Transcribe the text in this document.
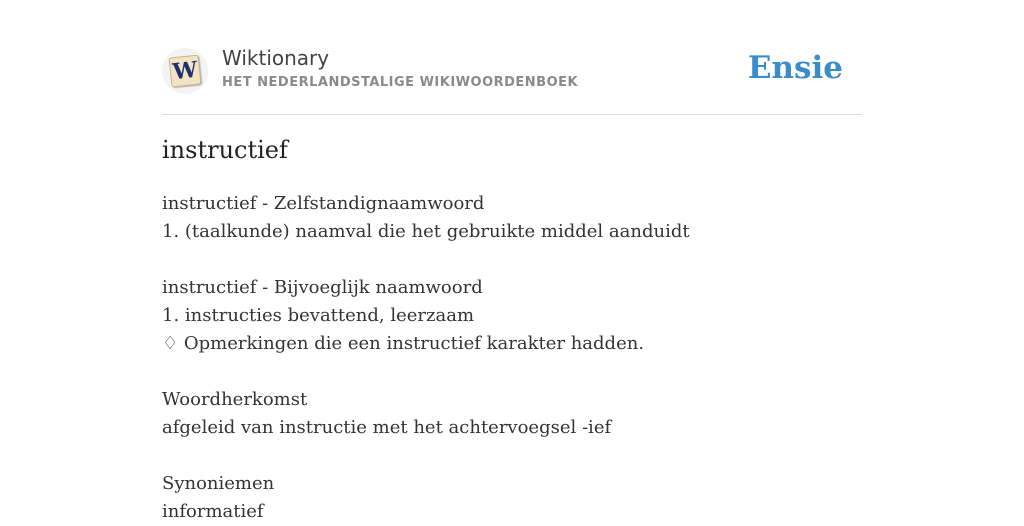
W Wiktionary
HET NEDERLANDSTALIGE WIKIWOORDENBOEK	Ensie
instructief
instructief - Zelfstandignaamwoord
1. (taalkunde) naamval die het gebruikte middel aanduidt
instructief - Bijvoeglijk naamwoord
1. instructies bevattend, leerzaam
♢ Opmerkingen die een instructief karakter hadden.
Woordherkomst
afgeleid van instructie met het achtervoegsel -ief
Synoniemen
informatief
